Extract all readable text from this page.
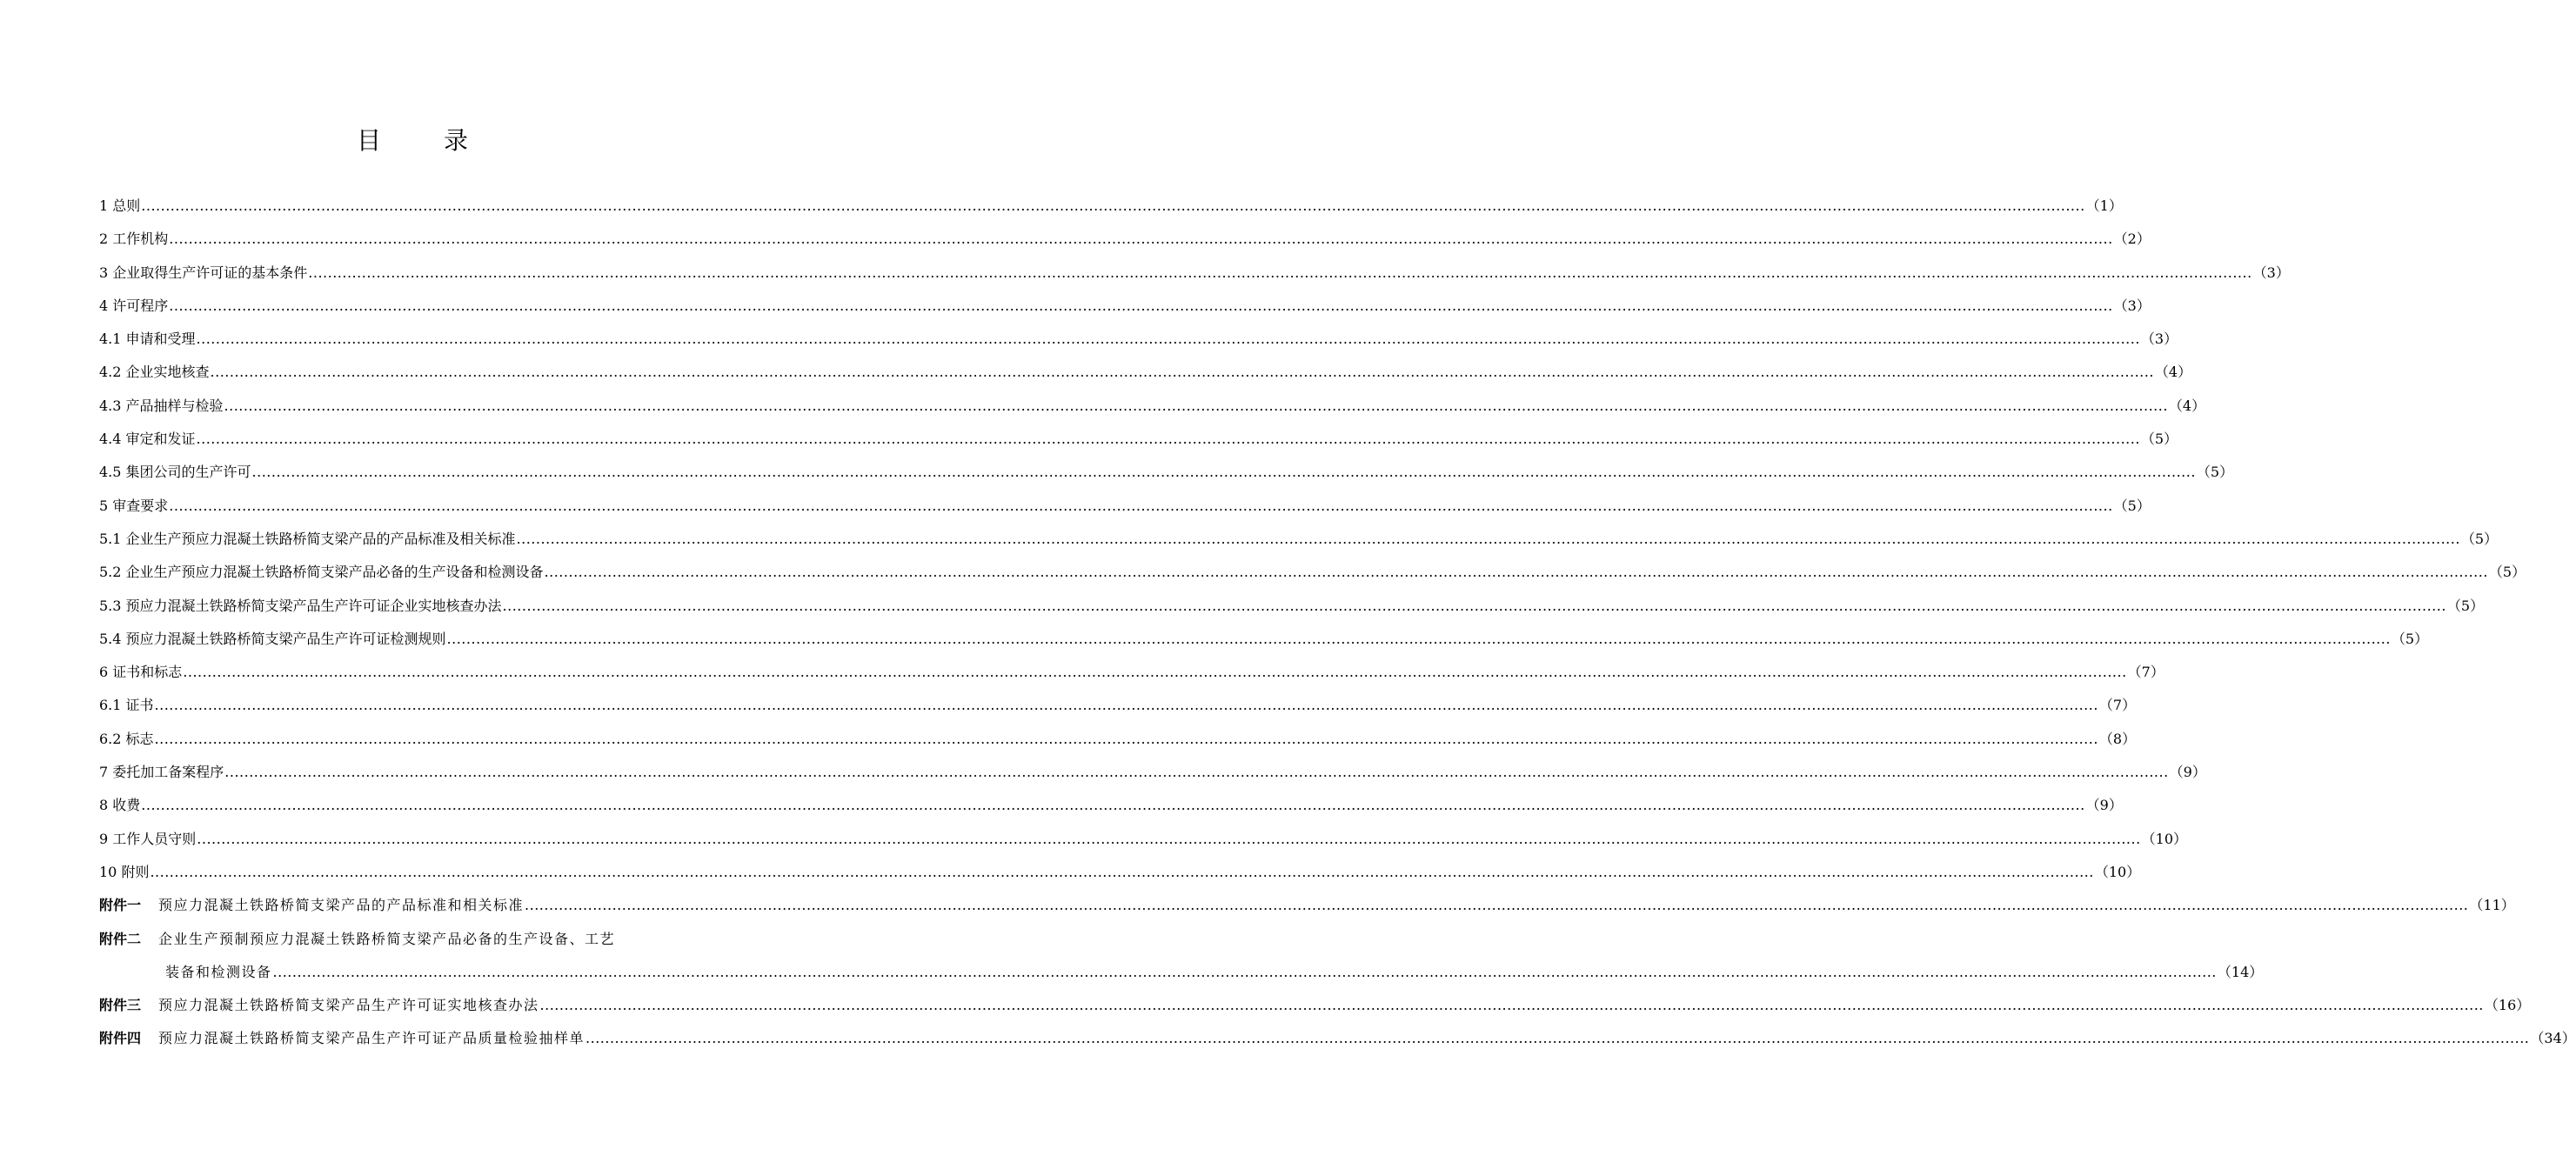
目	录
1 总则 ................................................................................................................................................................................................................................................................................................................................................................................................................ （1）
2 工作机构 ................................................................................................................................................................................................................................................................................................................................................................................................................ （2）
3 企业取得生产许可证的基本条件 ................................................................................................................................................................................................................................................................................................................................................................................................................ （3）
4 许可程序 ................................................................................................................................................................................................................................................................................................................................................................................................................ （3）
4.1 申请和受理 ................................................................................................................................................................................................................................................................................................................................................................................................................ （3）
4.2 企业实地核查 ................................................................................................................................................................................................................................................................................................................................................................................................................ （4）
4.3 产品抽样与检验 ................................................................................................................................................................................................................................................................................................................................................................................................................ （4）
4.4 审定和发证 ................................................................................................................................................................................................................................................................................................................................................................................................................ （5）
4.5 集团公司的生产许可 ................................................................................................................................................................................................................................................................................................................................................................................................................ （5）
5 审查要求 ................................................................................................................................................................................................................................................................................................................................................................................................................ （5）
5.1 企业生产预应力混凝土铁路桥简支梁产品的产品标准及相关标准 ................................................................................................................................................................................................................................................................................................................................................................................................................ （5）
5.2 企业生产预应力混凝土铁路桥简支梁产品必备的生产设备和检测设备 ................................................................................................................................................................................................................................................................................................................................................................................................................ （5）
5.3 预应力混凝土铁路桥简支梁产品生产许可证企业实地核查办法 ................................................................................................................................................................................................................................................................................................................................................................................................................ （5）
5.4 预应力混凝土铁路桥简支梁产品生产许可证检测规则 ................................................................................................................................................................................................................................................................................................................................................................................................................ （5）
6 证书和标志 ................................................................................................................................................................................................................................................................................................................................................................................................................ （7）
6.1 证书 ................................................................................................................................................................................................................................................................................................................................................................................................................ （7）
6.2 标志 ................................................................................................................................................................................................................................................................................................................................................................................................................ （8）
7 委托加工备案程序 ................................................................................................................................................................................................................................................................................................................................................................................................................ （9）
8 收费 ................................................................................................................................................................................................................................................................................................................................................................................................................ （9）
9 工作人员守则 ................................................................................................................................................................................................................................................................................................................................................................................................................ （10）
10 附则 ................................................................................................................................................................................................................................................................................................................................................................................................................ （10）
附件一	预应力混凝土铁路桥简支梁产品的产品标准和相关标准 ................................................................................................................................................................................................................................................................................................................................................................................................................ （11）
附件二	企业生产预制预应力混凝土铁路桥简支梁产品必备的生产设备、工艺
装备和检测设备 ................................................................................................................................................................................................................................................................................................................................................................................................................ （14）
附件三	预应力混凝土铁路桥简支梁产品生产许可证实地核查办法 ................................................................................................................................................................................................................................................................................................................................................................................................................ （16）
附件四	预应力混凝土铁路桥简支梁产品生产许可证产品质量检验抽样单 ................................................................................................................................................................................................................................................................................................................................................................................................................ （34）
